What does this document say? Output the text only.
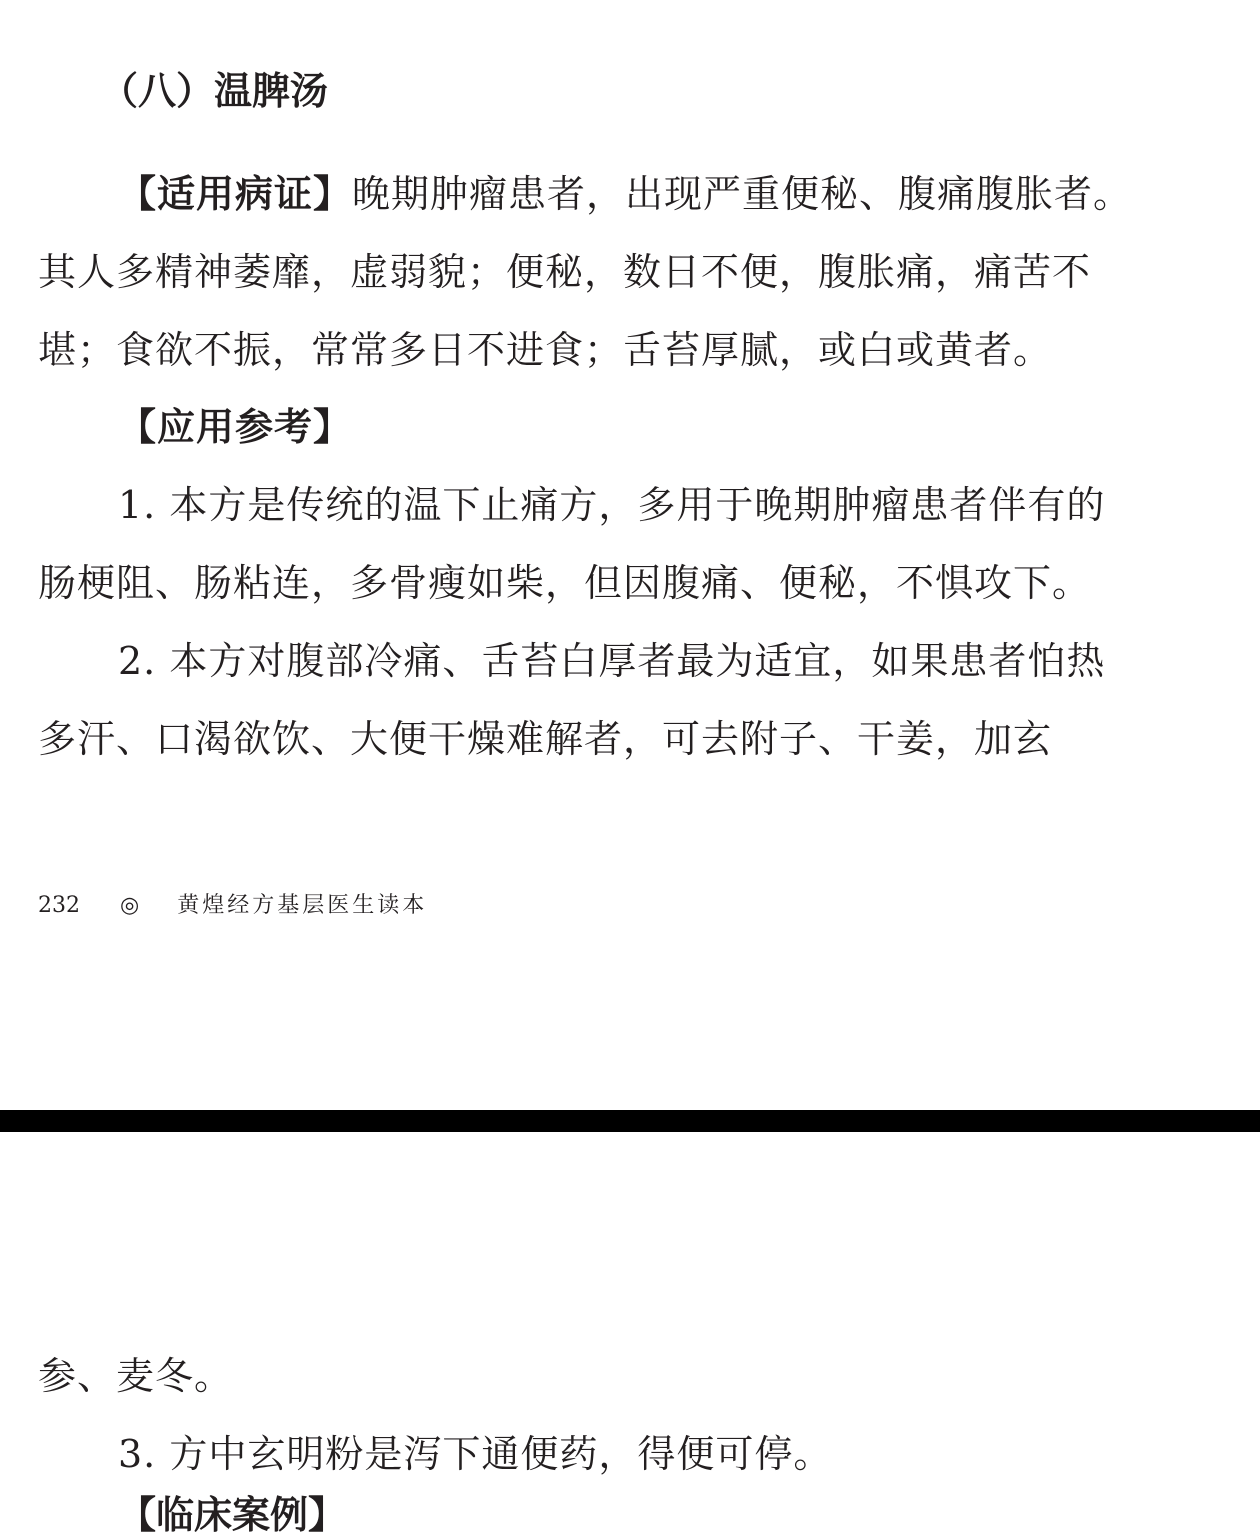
（八）温脾汤
【适用病证】晚期肿瘤患者，出现严重便秘、腹痛腹胀者。
其人多精神萎靡，虚弱貌；便秘，数日不便，腹胀痛，痛苦不
堪；食欲不振，常常多日不进食；舌苔厚腻，或白或黄者。
【应用参考】
1. 本方是传统的温下止痛方，多用于晚期肿瘤患者伴有的
肠梗阻、肠粘连，多骨瘦如柴，但因腹痛、便秘，不惧攻下。
2. 本方对腹部冷痛、舌苔白厚者最为适宜，如果患者怕热
多汗、口渴欲饮、大便干燥难解者，可去附子、干姜，加玄
232 ◎ 黄煌经方基层医生读本
参、麦冬。
3. 方中玄明粉是泻下通便药，得便可停。
【临床案例】
